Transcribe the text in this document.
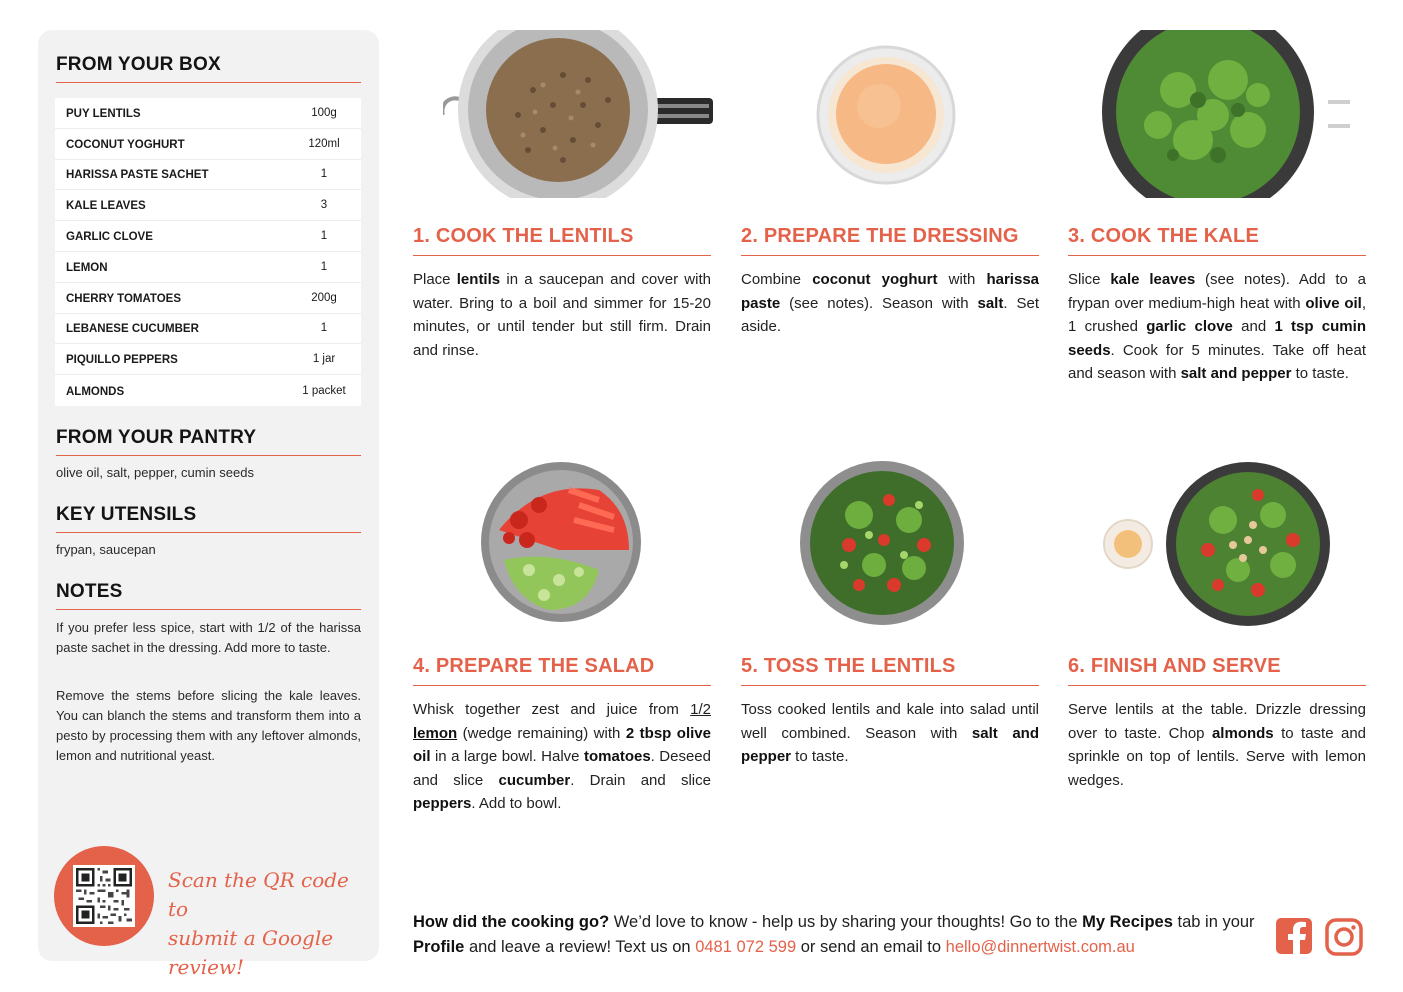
FROM YOUR BOX
PUY LENTILS	100g
COCONUT YOGHURT	120ml
HARISSA PASTE SACHET	1
KALE LEAVES	3
GARLIC CLOVE	1
LEMON	1
CHERRY TOMATOES	200g
LEBANESE CUCUMBER	1
PIQUILLO PEPPERS	1 jar
ALMONDS	1 packet
FROM YOUR PANTRY
olive oil, salt, pepper, cumin seeds
KEY UTENSILS
frypan, saucepan
NOTES
If you prefer less spice, start with 1/2 of the harissa paste sachet in the dressing. Add more to taste.
Remove the stems before slicing the kale leaves. You can blanch the stems and transform them into a pesto by processing them with any leftover almonds, lemon and nutritional yeast.
Scan the QR code to
submit a Google review!
1. COOK THE LENTILS
Place lentils in a saucepan and cover with water. Bring to a boil and simmer for 15-20 minutes, or until tender but still firm. Drain and rinse.
2. PREPARE THE DRESSING
Combine coconut yoghurt with harissa paste (see notes). Season with salt. Set aside.
3. COOK THE KALE
Slice kale leaves (see notes). Add to a frypan over medium-high heat with olive oil, 1 crushed garlic clove and 1 tsp cumin seeds. Cook for 5 minutes. Take off heat and season with salt and pepper to taste.
4. PREPARE THE SALAD
Whisk together zest and juice from 1/2 lemon (wedge remaining) with 2 tbsp olive oil in a large bowl. Halve tomatoes. Deseed and slice cucumber. Drain and slice peppers. Add to bowl.
5. TOSS THE LENTILS
Toss cooked lentils and kale into salad until well combined. Season with salt and pepper to taste.
6. FINISH AND SERVE
Serve lentils at the table. Drizzle dressing over to taste. Chop almonds to taste and sprinkle on top of lentils. Serve with lemon wedges.
How did the cooking go? We’d love to know - help us by sharing your thoughts! Go to the My Recipes tab in your Profile and leave a review! Text us on 0481 072 599 or send an email to hello@dinnertwist.com.au
